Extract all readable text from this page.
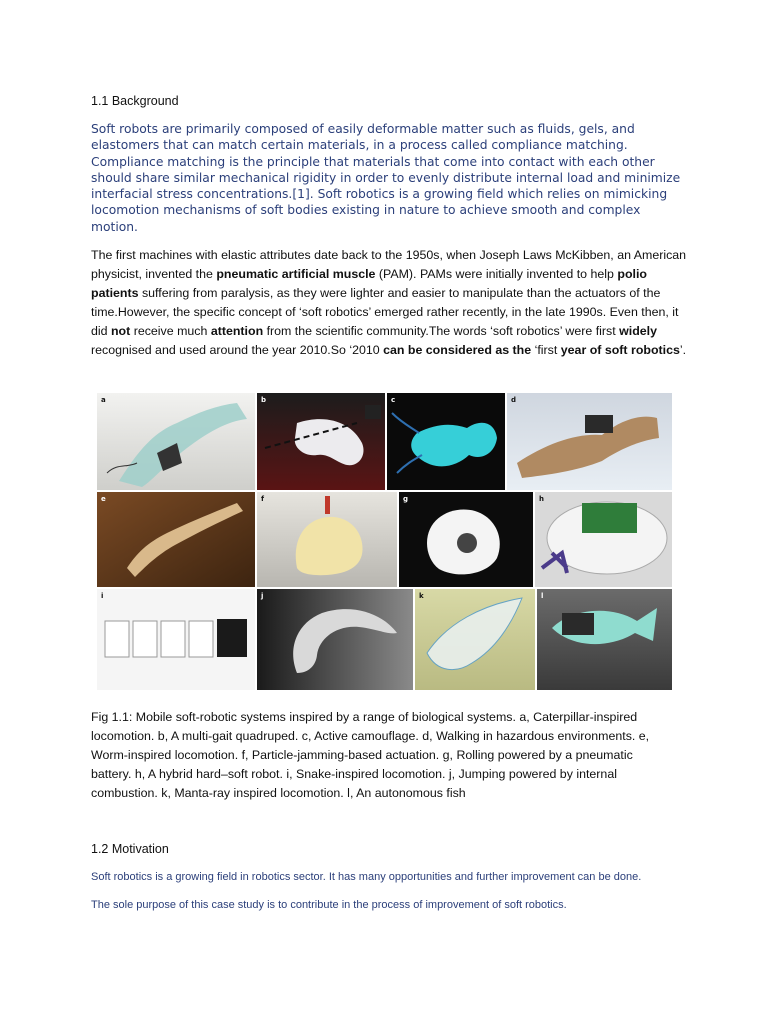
1.1 Background
Soft robots are primarily composed of easily deformable matter such as fluids, gels, and elastomers that can match certain materials, in a process called compliance matching. Compliance matching is the principle that materials that come into contact with each other should share similar mechanical rigidity in order to evenly distribute internal load and minimize interfacial stress concentrations.[1]. Soft robotics is a growing field which relies on mimicking locomotion mechanisms of soft bodies existing in nature to achieve smooth and complex motion.
The first machines with elastic attributes date back to the 1950s, when Joseph Laws McKibben, an American physicist, invented the pneumatic artificial muscle (PAM). PAMs were initially invented to help polio patients suffering from paralysis, as they were lighter and easier to manipulate than the actuators of the time.However, the specific concept of ‘soft robotics’ emerged rather recently, in the late 1990s. Even then, it did not receive much attention from the scientific community.The words ‘soft robotics’ were first widely recognised and used around the year 2010.So ‘2010 can be considered as the ‘first year of soft robotics’.
a	b	c	d
e	f	g	h
i	j	k	l
Fig 1.1: Mobile soft-robotic systems inspired by a range of biological systems. a, Caterpillar-inspired locomotion. b, A multi-gait quadruped. c, Active camouflage. d, Walking in hazardous environments. e, Worm-inspired locomotion. f, Particle-jamming-based actuation. g, Rolling powered by a pneumatic battery. h, A hybrid hard–soft robot. i, Snake-inspired locomotion. j, Jumping powered by internal combustion. k, Manta-ray inspired locomotion. l, An autonomous fish
1.2 Motivation
Soft robotics is a growing field in robotics sector. It has many opportunities and further improvement can be done.
The sole purpose of this case study is to contribute in the process of improvement of soft robotics.
